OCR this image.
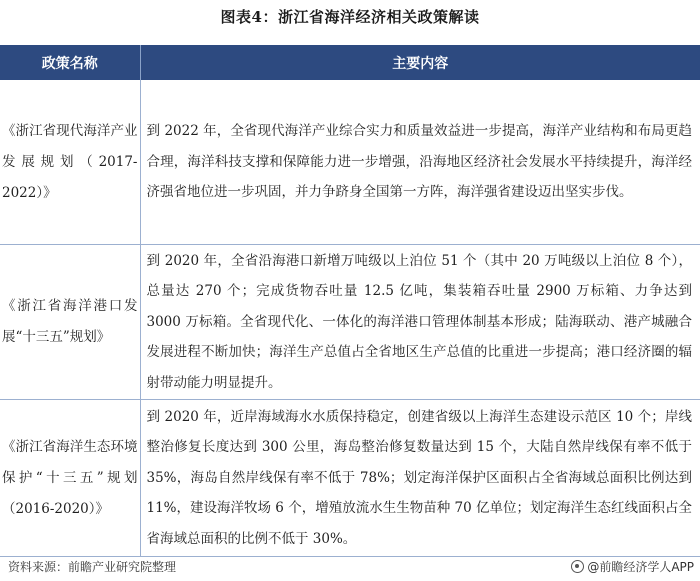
图表4：浙江省海洋经济相关政策解读
政策名称	主要内容
《浙江省现代海洋产业发展规划（2017-2022）》	到 2022 年，全省现代海洋产业综合实力和质量效益进一步提高，海洋产业结构和布局更趋合理，海洋科技支撑和保障能力进一步增强，沿海地区经济社会发展水平持续提升，海洋经济强省地位进一步巩固，并力争跻身全国第一方阵，海洋强省建设迈出坚实步伐。
《浙江省海洋港口发展“十三五”规划》	到 2020 年，全省沿海港口新增万吨级以上泊位 51 个（其中 20 万吨级以上泊位 8 个），总量达 270 个；完成货物吞吐量 12.5 亿吨，集装箱吞吐量 2900 万标箱、力争达到 3000 万标箱。全省现代化、一体化的海洋港口管理体制基本形成；陆海联动、港产城融合发展进程不断加快；海洋生产总值占全省地区生产总值的比重进一步提高；港口经济圈的辐射带动能力明显提升。
《浙江省海洋生态环境保护“十三五”规划（2016-2020）》	到 2020 年，近岸海域海水水质保持稳定，创建省级以上海洋生态建设示范区 10 个；岸线整治修复长度达到 300 公里，海岛整治修复数量达到 15 个，大陆自然岸线保有率不低于 35%，海岛自然岸线保有率不低于 78%；划定海洋保护区面积占全省海域总面积比例达到 11%，建设海洋牧场 6 个，增殖放流水生生物苗种 70 亿单位；划定海洋生态红线面积占全省海域总面积的比例不低于 30%。
资料来源：前瞻产业研究院整理	@前瞻经济学人APP
